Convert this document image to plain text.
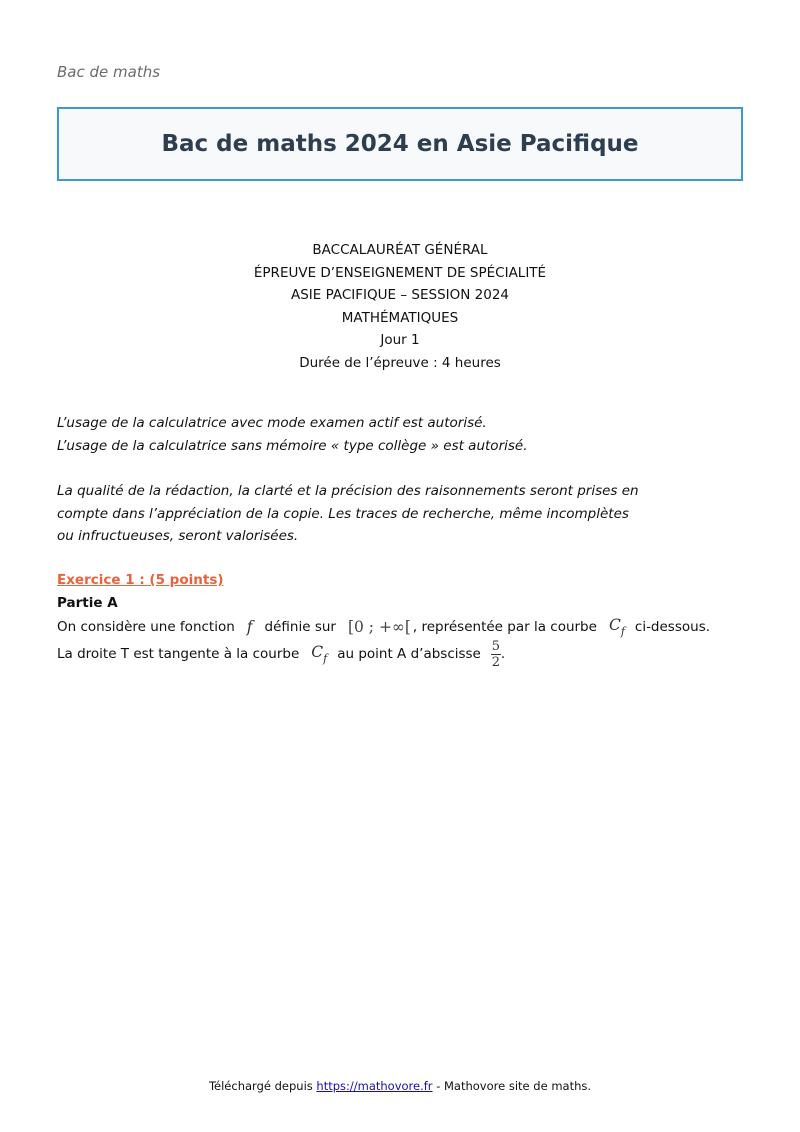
Bac de maths
Bac de maths 2024 en Asie Pacifique
BACCALAURÉAT GÉNÉRAL
ÉPREUVE D’ENSEIGNEMENT DE SPÉCIALITÉ
ASIE PACIFIQUE – SESSION 2024
MATHÉMATIQUES
Jour 1
Durée de l’épreuve : 4 heures
L’usage de la calculatrice avec mode examen actif est autorisé.
L’usage de la calculatrice sans mémoire « type collège » est autorisé.
La qualité de la rédaction, la clarté et la précision des raisonnements seront prises en
compte dans l’appréciation de la copie. Les traces de recherche, même incomplètes
ou infructueuses, seront valorisées.
Exercice 1 : (5 points)
Partie A
On considère une fonction f définie sur [0 ; +∞[ , représentée par la courbe $C_f$ ci-dessous.
La droite T est tangente à la courbe $C_f$ au point A d’abscisse $\frac{5}{2}$ .
Téléchargé depuis https://mathovore.fr - Mathovore site de maths.
